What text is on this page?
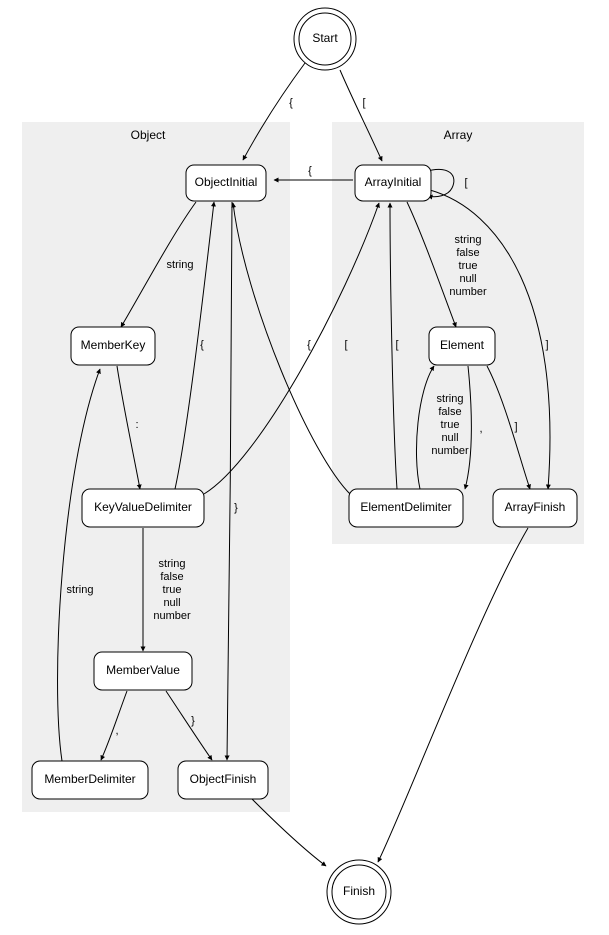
Object	Array
Start
Finish
ObjectInitial	ArrayInitial
MemberKey	Element
KeyValueDelimiter	ElementDelimiter	ArrayFinish
MemberValue
MemberDelimiter	ObjectFinish
{	[
{
[
string
:
{	{	[	[
,	]
]
,
string
}
}
string
false
true
null
number
string
false
true
null
number
string
false
true
null
number
